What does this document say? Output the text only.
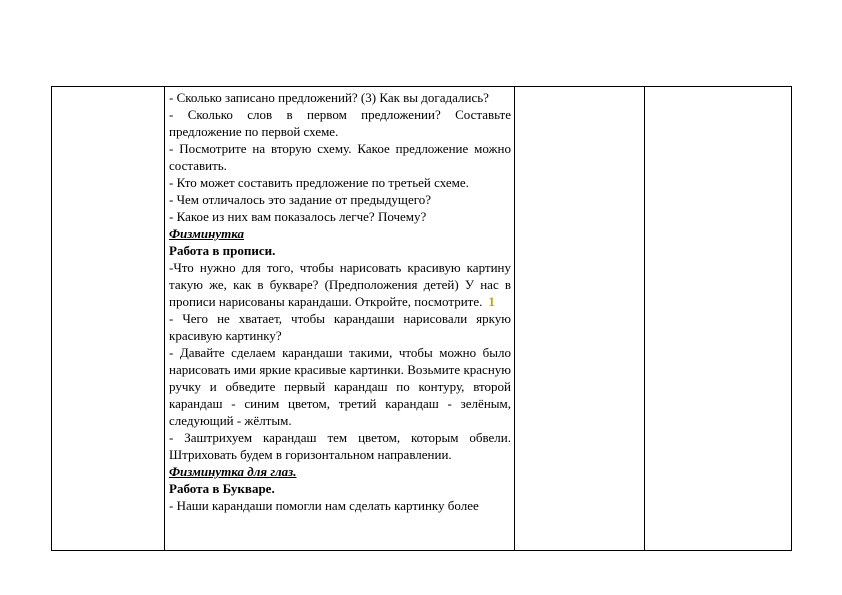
- Сколько записано предложений? (3) Как вы догадались?

- Сколько слов в первом предложении? Составьте предложение по первой схеме.

- Посмотрите на вторую схему. Какое предложение можно составить.

- Кто может составить предложение по третьей схеме.

- Чем отличалось это задание от предыдущего?

- Какое из них вам показалось легче? Почему?

Физминутка

Работа в прописи.

-Что нужно для того, чтобы нарисовать красивую картину такую же, как в букваре? (Предположения детей) У нас в прописи нарисованы карандаши. Откройте, посмотрите. 1

- Чего не хватает, чтобы карандаши нарисовали яркую красивую картинку?

- Давайте сделаем карандаши такими, чтобы можно было нарисовать ими яркие красивые картинки. Возьмите красную ручку и обведите первый карандаш по контуру, второй карандаш - синим цветом, третий карандаш - зелёным, следующий - жёлтым.

- Заштрихуем карандаш тем цветом, которым обвели. Штриховать будем в горизонтальном направлении.

Физминутка для глаз.

Работа в Букваре.

- Наши карандаши помогли нам сделать картинку более
